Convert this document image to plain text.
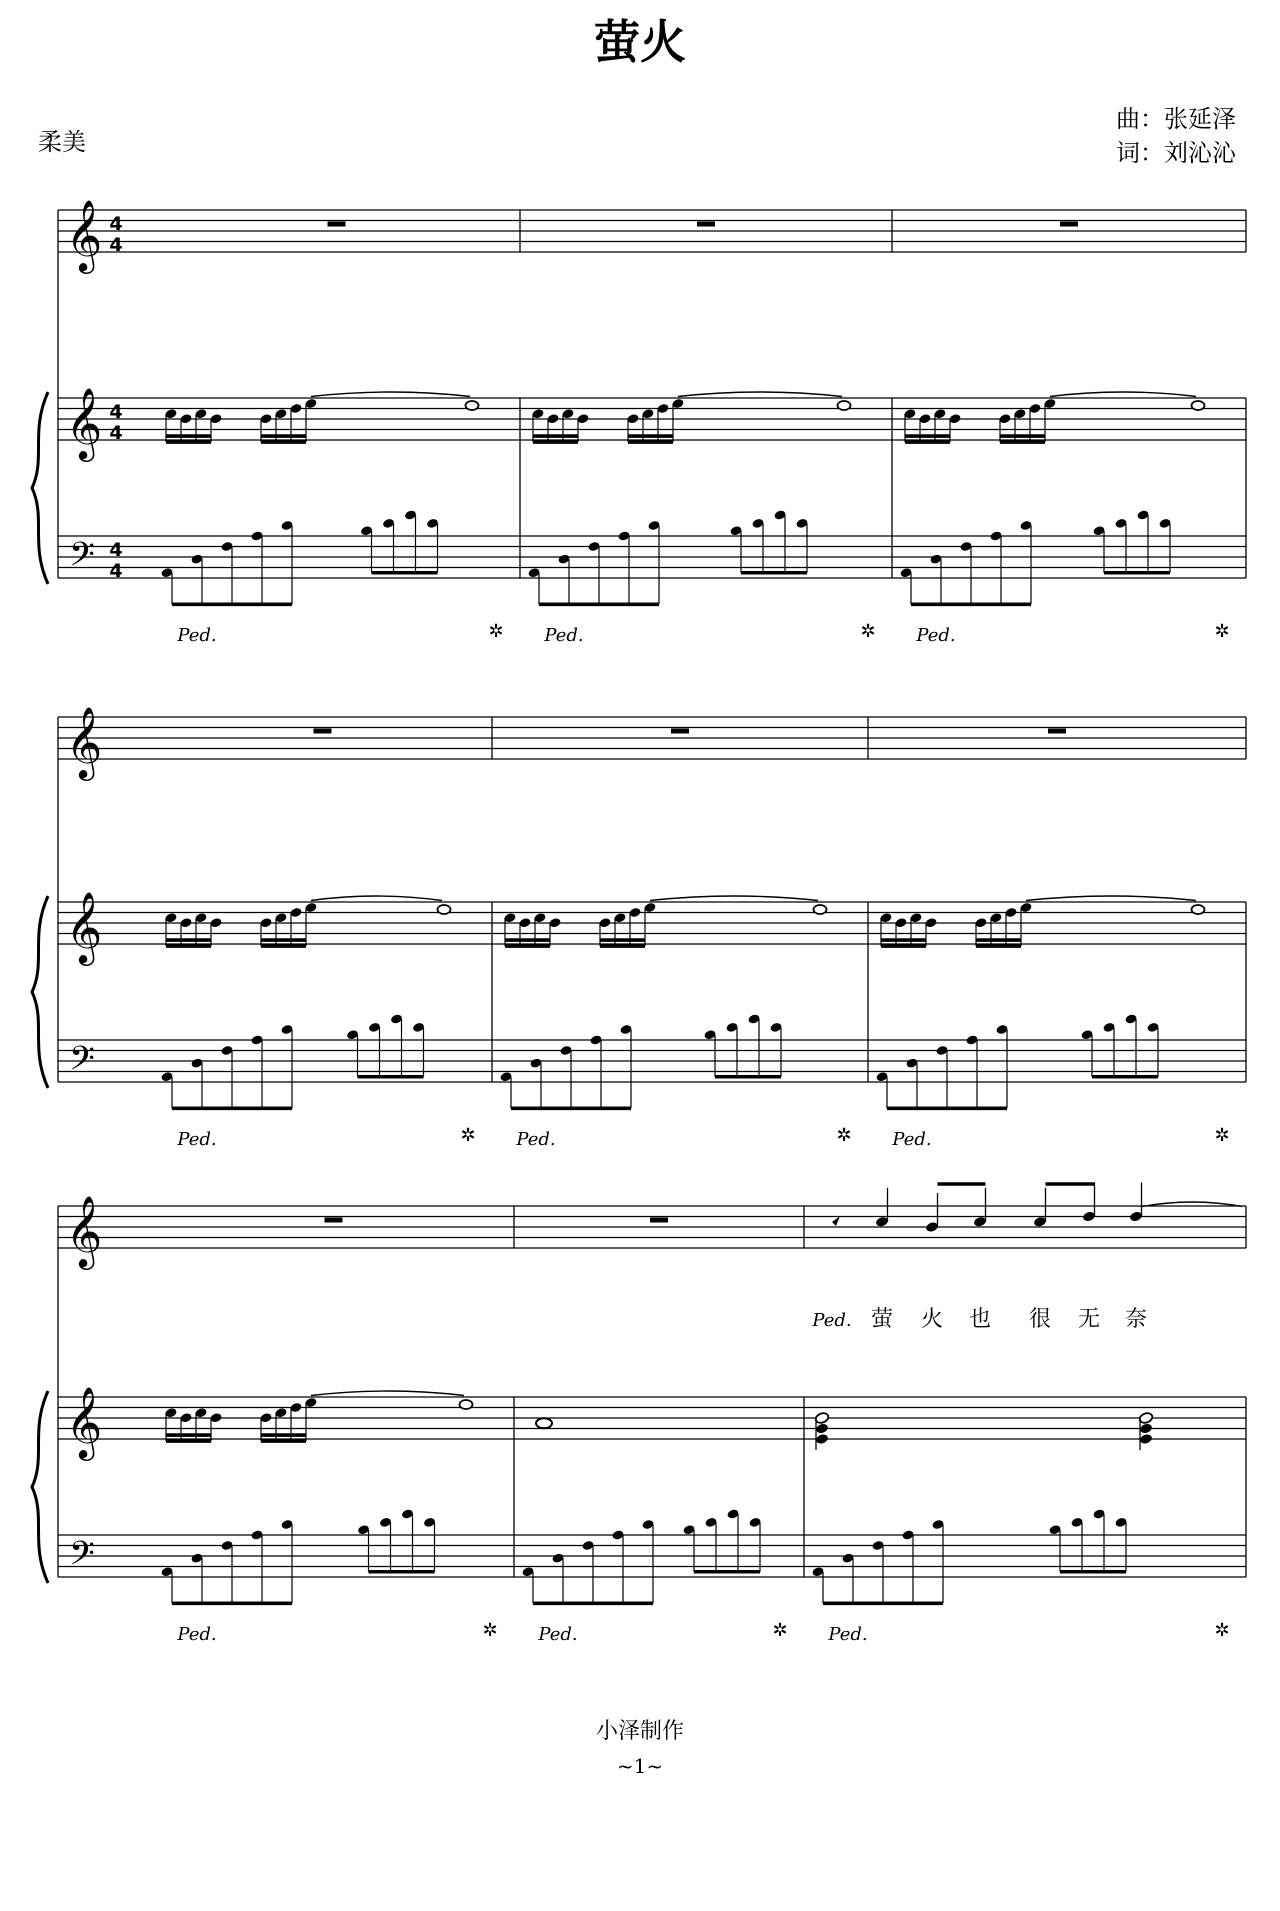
萤火
柔美
曲：张延泽
词：刘沁沁
𝄞
𝄞
𝄢
4
4
4
4
4
4
Ped.	✲ Ped.	✲ Ped.	✲
𝄞
𝄞
𝄢
Ped.	✲ Ped.	✲ Ped.	✲
𝄞
𝄞
𝄢
Ped.	✲ Ped.	✲ Ped.	✲
Ped. 萤 火 也 很 无 奈
小泽制作
~1~
